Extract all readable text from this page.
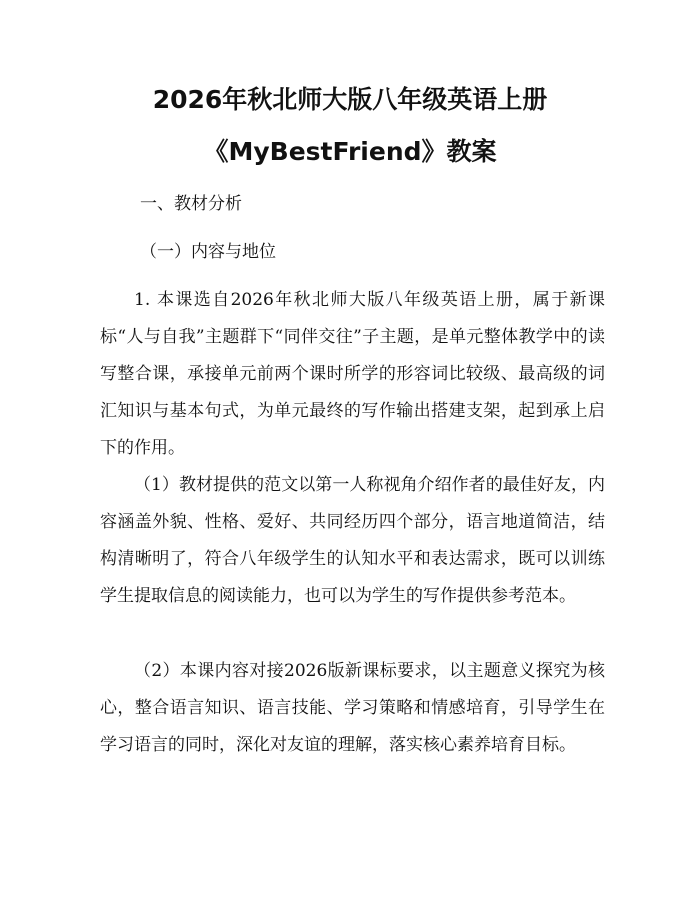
2026年秋北师大版八年级英语上册
《MyBestFriend》教案

一、教材分析

（一）内容与地位

1. 本课选自2026年秋北师大版八年级英语上册，属于新课标“人与自我”主题群下“同伴交往”子主题，是单元整体教学中的读写整合课，承接单元前两个课时所学的形容词比较级、最高级的词汇知识与基本句式，为单元最终的写作输出搭建支架，起到承上启下的作用。

（1）教材提供的范文以第一人称视角介绍作者的最佳好友，内容涵盖外貌、性格、爱好、共同经历四个部分，语言地道简洁，结构清晰明了，符合八年级学生的认知水平和表达需求，既可以训练学生提取信息的阅读能力，也可以为学生的写作提供参考范本。

（2）本课内容对接2026版新课标要求，以主题意义探究为核心，整合语言知识、语言技能、学习策略和情感培育，引导学生在学习语言的同时，深化对友谊的理解，落实核心素养培育目标。
